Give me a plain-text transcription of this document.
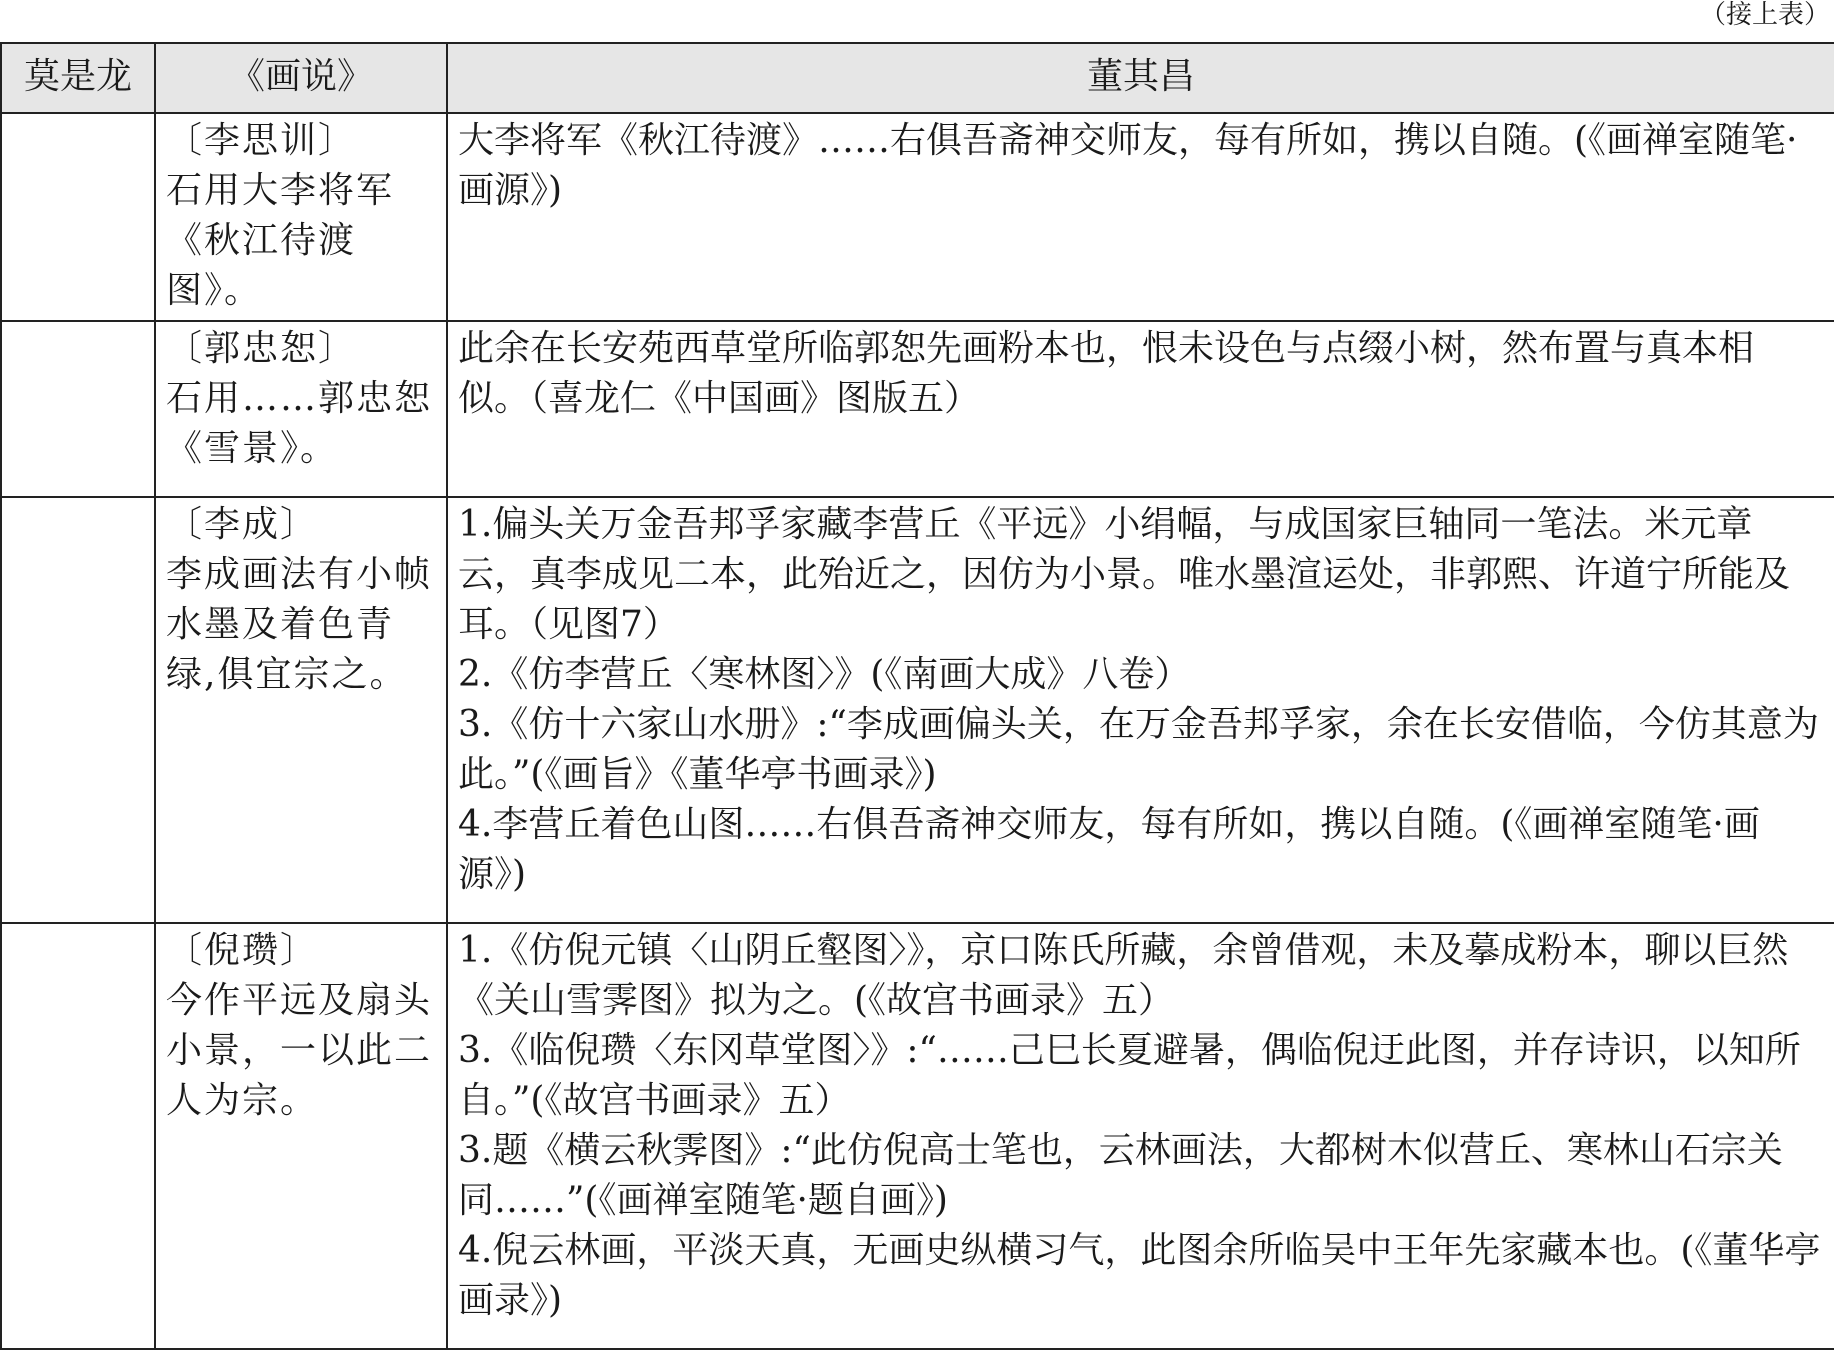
（接上表）
莫是龙	《画说》	董其昌

	〔李思训〕
石用大李将军《秋江待渡图》。	大李将军《秋江待渡》……右俱吾斋神交师友，每有所如，携以自随。(《画禅室随笔·画源》)

	〔郭忠恕〕
石用……郭忠恕《雪景》。	此余在长安苑西草堂所临郭恕先画粉本也，恨未设色与点缀小树，然布置与真本相似。（喜龙仁《中国画》图版五）

	〔李成〕
李成画法有小帧水墨及着色青绿,俱宜宗之。	1.偏头关万金吾邦孚家藏李营丘《平远》小绢幅，与成国家巨轴同一笔法。米元章云，真李成见二本，此殆近之，因仿为小景。唯水墨渲运处，非郭熙、许道宁所能及耳。（见图7）
2.《仿李营丘〈寒林图〉》(《南画大成》八卷）
3.《仿十六家山水册》:“李成画偏头关，在万金吾邦孚家，余在长安借临，今仿其意为此。”(《画旨》《董华亭书画录》)
4.李营丘着色山图……右俱吾斋神交师友，每有所如，携以自随。(《画禅室随笔·画源》)

	〔倪瓒〕
今作平远及扇头小景，一以此二人为宗。	1.《仿倪元镇〈山阴丘壑图〉》，京口陈氏所藏，余曾借观，未及摹成粉本，聊以巨然《关山雪霁图》拟为之。(《故宫书画录》五）
3.《临倪瓒〈东冈草堂图〉》:“……己巳长夏避暑，偶临倪迂此图，并存诗识，以知所自。”(《故宫书画录》五）
3.题《横云秋霁图》:“此仿倪高士笔也，云林画法，大都树木似营丘、寒林山石宗关同……”(《画禅室随笔·题自画》)
4.倪云林画，平淡天真，无画史纵横习气，此图余所临吴中王年先家藏本也。(《董华亭画录》)
